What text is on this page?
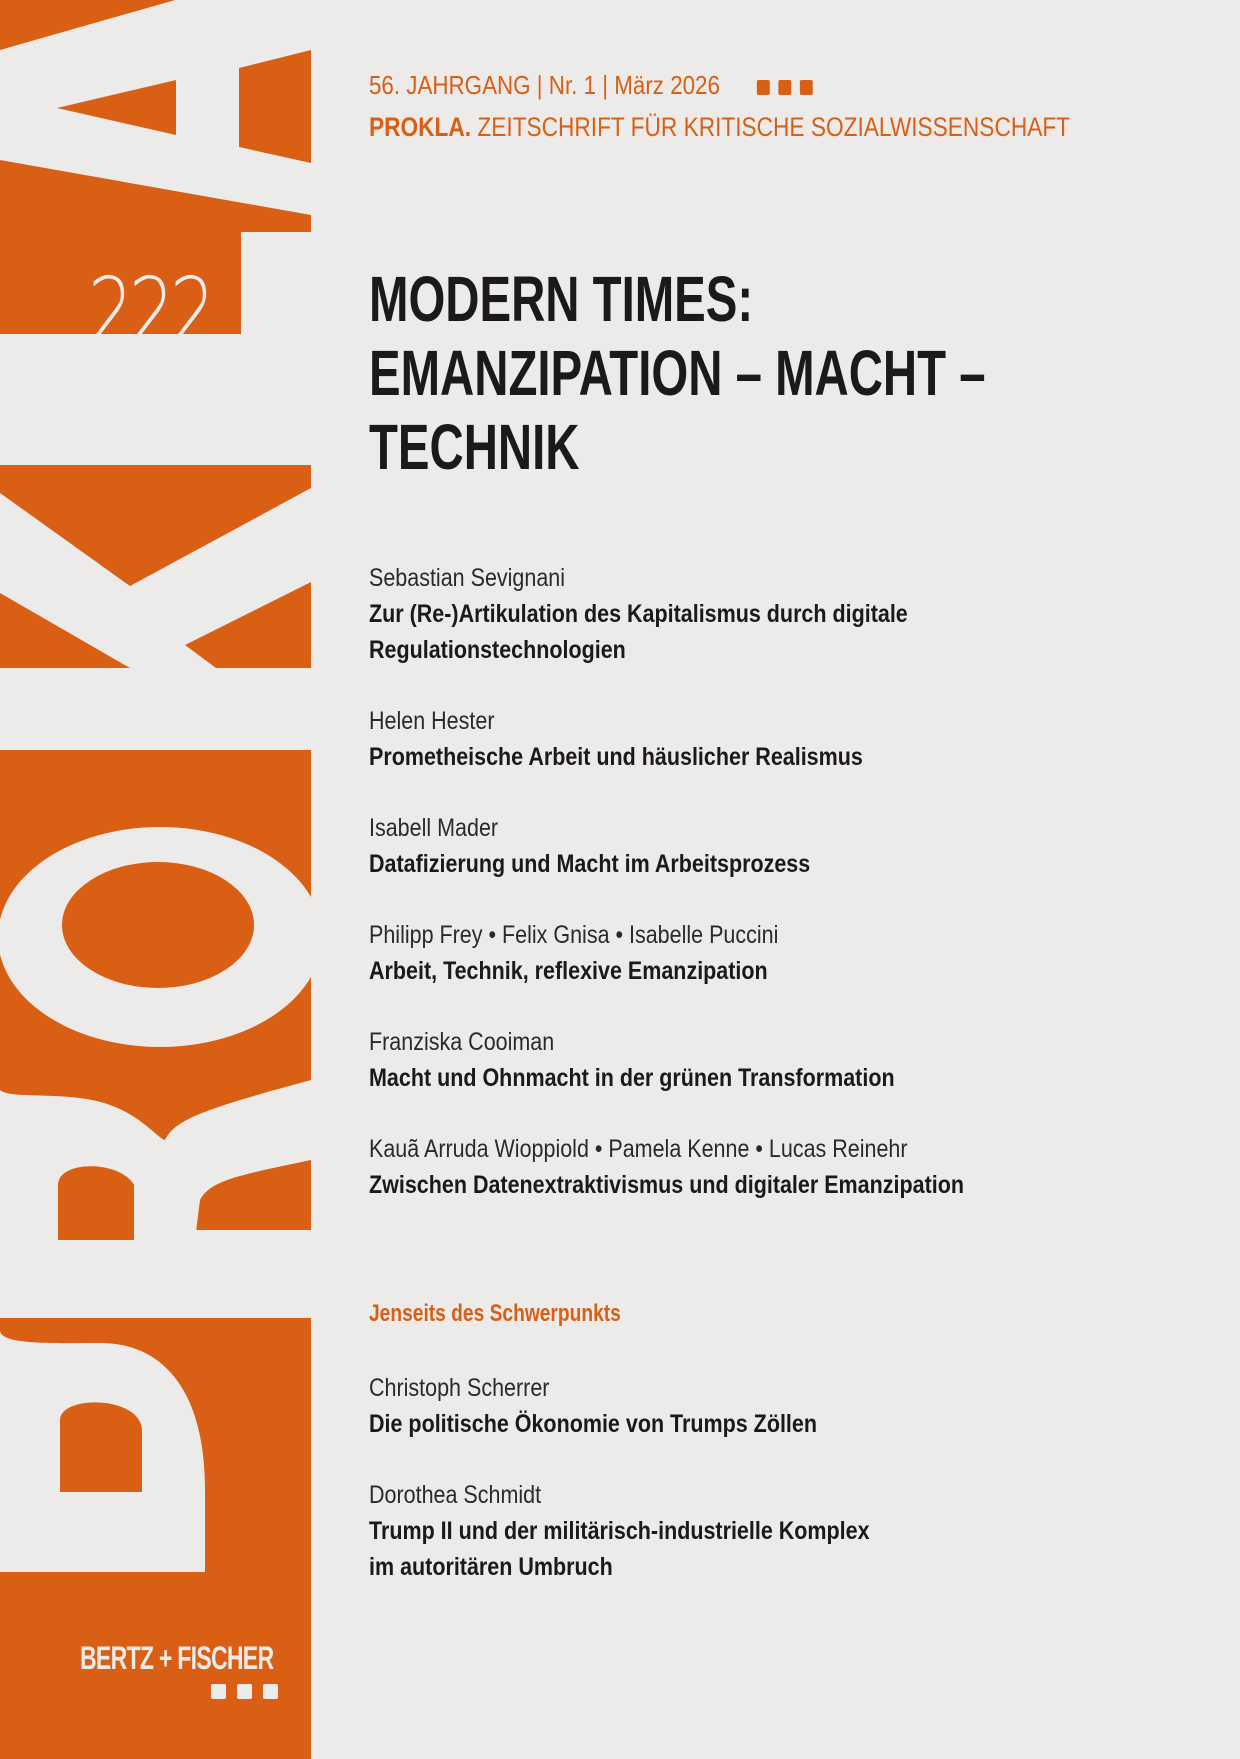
222
BERTZ + FISCHER
56. JAHRGANG | Nr. 1 | März 2026
PROKLA. ZEITSCHRIFT FÜR KRITISCHE SOZIALWISSENSCHAFT
MODERN TIMES:
EMANZIPATION – MACHT –
TECHNIK
Sebastian Sevignani
Zur (Re-)Artikulation des Kapitalismus durch digitale
Regulationstechnologien
Helen Hester
Prometheische Arbeit und häuslicher Realismus
Isabell Mader
Datafizierung und Macht im Arbeitsprozess
Philipp Frey • Felix Gnisa • Isabelle Puccini
Arbeit, Technik, reflexive Emanzipation
Franziska Cooiman
Macht und Ohnmacht in der grünen Transformation
Kauã Arruda Wioppiold • Pamela Kenne • Lucas Reinehr
Zwischen Datenextraktivismus und digitaler Emanzipation
Jenseits des Schwerpunkts
Christoph Scherrer
Die politische Ökonomie von Trumps Zöllen
Dorothea Schmidt
Trump II und der militärisch-industrielle Komplex
im autoritären Umbruch
